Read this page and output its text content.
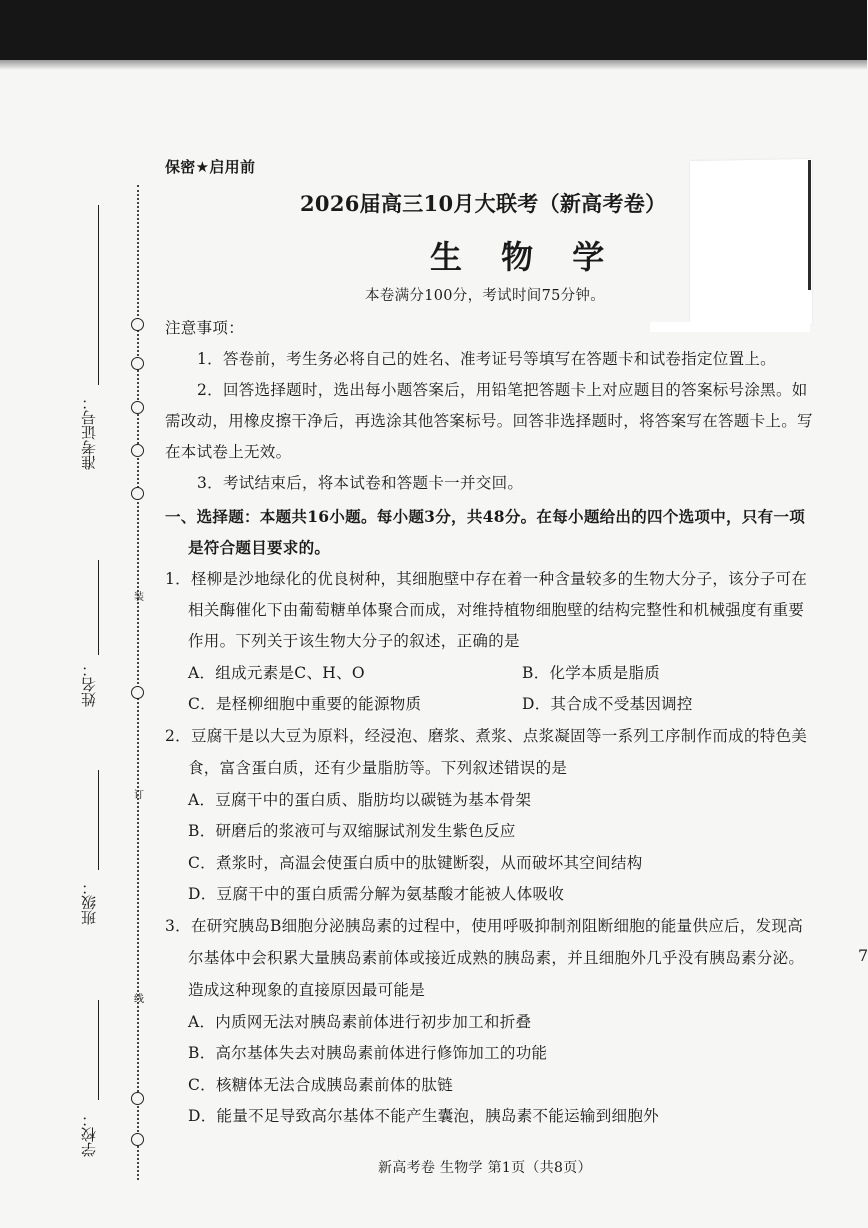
7
装
订
线
准考证号：
姓名：
班级：
学校：
保密★启用前
2026届高三10月大联考（新高考卷）
生 物 学
本卷满分100分，考试时间75分钟。
注意事项：
1．答卷前，考生务必将自己的姓名、准考证号等填写在答题卡和试卷指定位置上。
2．回答选择题时，选出每小题答案后，用铅笔把答题卡上对应题目的答案标号涂黑。如
需改动，用橡皮擦干净后，再选涂其他答案标号。回答非选择题时，将答案写在答题卡上。写
在本试卷上无效。
3．考试结束后，将本试卷和答题卡一并交回。
一、选择题：本题共16小题。每小题3分，共48分。在每小题给出的四个选项中，只有一项
是符合题目要求的。
1．柽柳是沙地绿化的优良树种，其细胞壁中存在着一种含量较多的生物大分子，该分子可在
相关酶催化下由葡萄糖单体聚合而成，对维持植物细胞壁的结构完整性和机械强度有重要
作用。下列关于该生物大分子的叙述，正确的是
A．组成元素是C、H、O	B．化学本质是脂质
C．是柽柳细胞中重要的能源物质	D．其合成不受基因调控
2．豆腐干是以大豆为原料，经浸泡、磨浆、煮浆、点浆凝固等一系列工序制作而成的特色美
食，富含蛋白质，还有少量脂肪等。下列叙述错误的是
A．豆腐干中的蛋白质、脂肪均以碳链为基本骨架
B．研磨后的浆液可与双缩脲试剂发生紫色反应
C．煮浆时，高温会使蛋白质中的肽键断裂，从而破坏其空间结构
D．豆腐干中的蛋白质需分解为氨基酸才能被人体吸收
3．在研究胰岛B细胞分泌胰岛素的过程中，使用呼吸抑制剂阻断细胞的能量供应后，发现高
尔基体中会积累大量胰岛素前体或接近成熟的胰岛素，并且细胞外几乎没有胰岛素分泌。
造成这种现象的直接原因最可能是
A．内质网无法对胰岛素前体进行初步加工和折叠
B．高尔基体失去对胰岛素前体进行修饰加工的功能
C．核糖体无法合成胰岛素前体的肽链
D．能量不足导致高尔基体不能产生囊泡，胰岛素不能运输到细胞外
新高考卷 生物学 第1页（共8页）
